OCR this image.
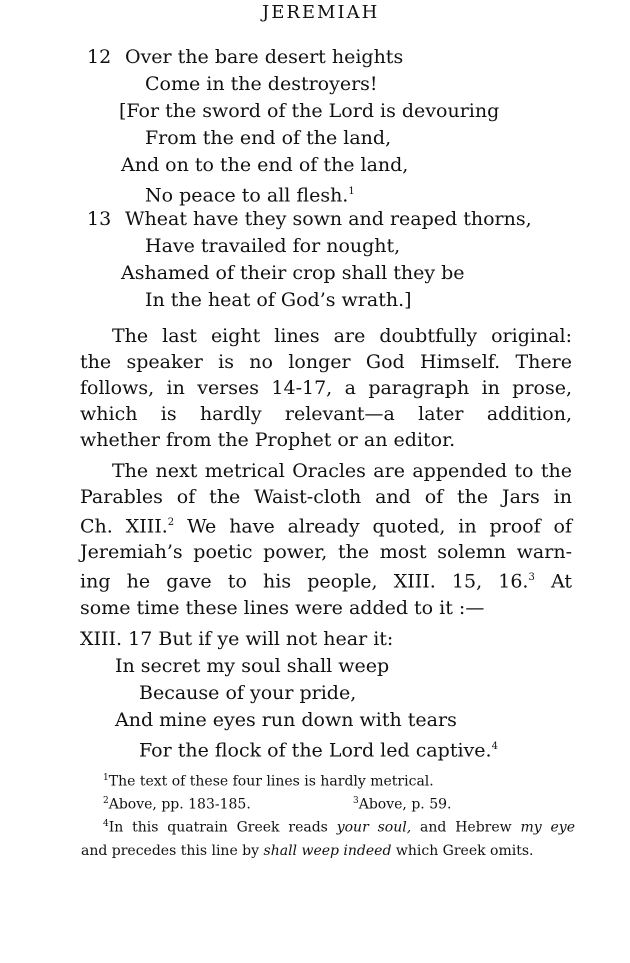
JEREMIAH
12 Over the bare desert heights
Come in the destroyers!
[For the sword of the Lord is devouring
From the end of the land,
And on to the end of the land,
No peace to all flesh.$^1$
13 Wheat have they sown and reaped thorns,
Have travailed for nought,
Ashamed of their crop shall they be
In the heat of God’s wrath.]
The last eight lines are doubtfully original:
the speaker is no longer God Himself. There
follows, in verses 14-17, a paragraph in prose,
which is hardly relevant—a later addition,
whether from the Prophet or an editor.
The next metrical Oracles are appended to the
Parables of the Waist-cloth and of the Jars in
Ch. XIII.$^2$ We have already quoted, in proof of
Jeremiah’s poetic power, the most solemn warn-
ing he gave to his people, XIII. 15, 16.$^3$ At
some time these lines were added to it :—
XIII. 17 But if ye will not hear it:
In secret my soul shall weep
Because of your pride,
And mine eyes run down with tears
For the flock of the Lord led captive.$^4$
$^1$The text of these four lines is hardly metrical.
$^2$Above, pp. 183-185.	$^3$Above, p. 59.
$^4$In this quatrain Greek reads your soul, and Hebrew my eye
and precedes this line by shall weep indeed which Greek omits.
